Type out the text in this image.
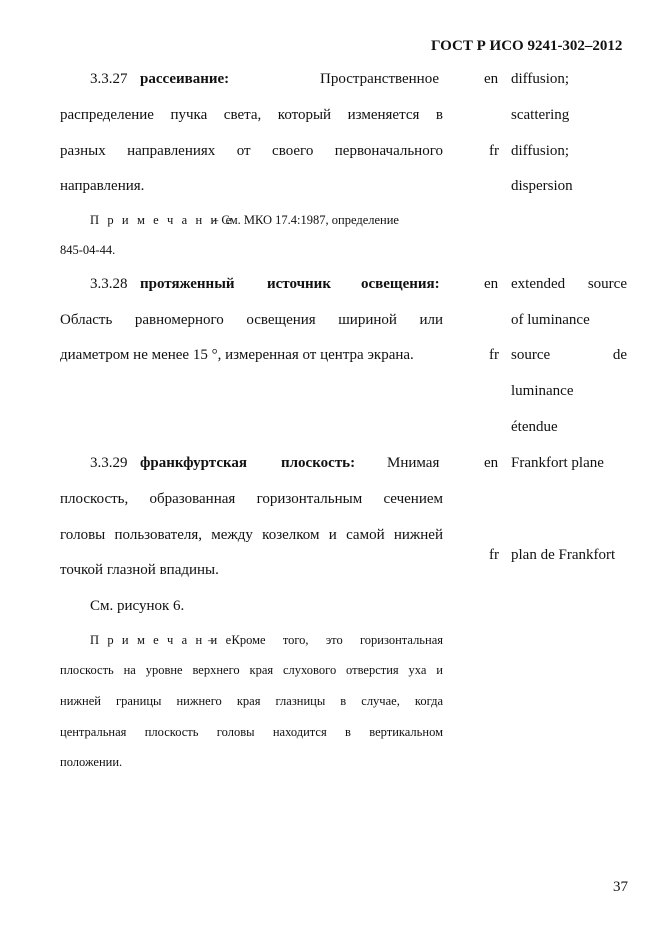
ГОСТ Р ИСО 9241-302–2012
3.3.27 рассеивание:	Пространственное
распределение пучка света, который изменяется в
разных направлениях от своего первоначального
направления.
П р и м е ч а н и е
– См. МКО 17.4:1987, определение
845-04-44.
en diffusion;
scattering
fr diffusion;
dispersion
3.3.28 протяженный источник освещения:
Область равномерного освещения шириной или
диаметром не менее 15 °, измеренная от центра экрана.
en extended source
of luminance
fr source de
luminance
étendue
3.3.29 франкфуртская плоскость: Мнимая
плоскость, образованная горизонтальным сечением
головы пользователя, между козелком и самой нижней
точкой глазной впадины.
См. рисунок 6.
П р и м е ч а н и е
– Кроме того, это горизонтальная
плоскость на уровне верхнего края слухового отверстия уха и
нижней границы нижнего края глазницы в случае, когда
центральная плоскость головы находится в вертикальном
положении.
en Frankfort plane
fr plan de Frankfort
37
